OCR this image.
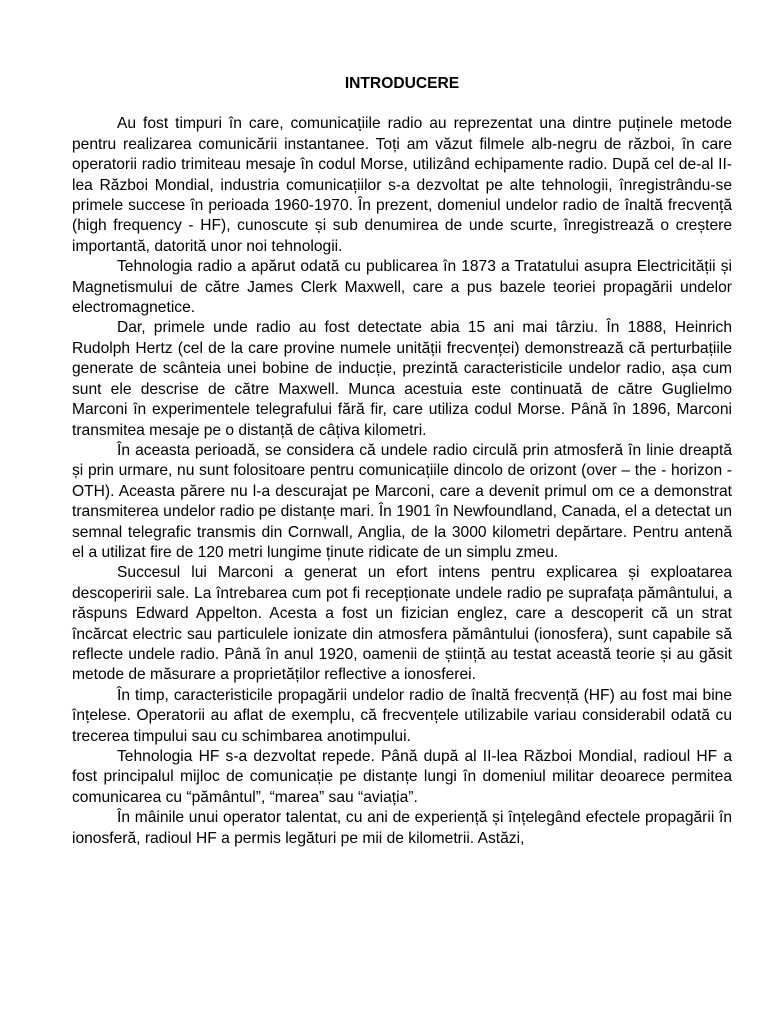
INTRODUCERE

Au fost timpuri în care, comunicațiile radio au reprezentat una dintre puținele metode pentru realizarea comunicării instantanee. Toți am văzut filmele alb-negru de război, în care operatorii radio trimiteau mesaje în codul Morse, utilizând echipamente radio. După cel de-al II-lea Război Mondial, industria comunicațiilor s-a dezvoltat pe alte tehnologii, înregistrându-se primele succese în perioada 1960-1970. În prezent, domeniul undelor radio de înaltă frecvență (high frequency - HF), cunoscute și sub denumirea de unde scurte, înregistrează o creștere importantă, datorită unor noi tehnologii.

Tehnologia radio a apărut odată cu publicarea în 1873 a Tratatului asupra Electricității și Magnetismului de către James Clerk Maxwell, care a pus bazele teoriei propagării undelor electromagnetice.

Dar, primele unde radio au fost detectate abia 15 ani mai târziu. În 1888, Heinrich Rudolph Hertz (cel de la care provine numele unității frecvenței) demonstrează că perturbațiile generate de scânteia unei bobine de inducție, prezintă caracteristicile undelor radio, așa cum sunt ele descrise de către Maxwell. Munca acestuia este continuată de către Guglielmo Marconi în experimentele telegrafului fără fir, care utiliza codul Morse. Până în 1896, Marconi transmitea mesaje pe o distanță de câțiva kilometri.

În aceasta perioadă, se considera că undele radio circulă prin atmosferă în linie dreaptă și prin urmare, nu sunt folositoare pentru comunicațiile dincolo de orizont (over – the - horizon - OTH). Aceasta părere nu l-a descurajat pe Marconi, care a devenit primul om ce a demonstrat transmiterea undelor radio pe distanțe mari. În 1901 în Newfoundland, Canada, el a detectat un semnal telegrafic transmis din Cornwall, Anglia, de la 3000 kilometri depărtare. Pentru antenă el a utilizat fire de 120 metri lungime ținute ridicate de un simplu zmeu.

Succesul lui Marconi a generat un efort intens pentru explicarea și exploatarea descoperirii sale. La întrebarea cum pot fi recepționate undele radio pe suprafața pământului, a răspuns Edward Appelton. Acesta a fost un fizician englez, care a descoperit că un strat încărcat electric sau particulele ionizate din atmosfera pământului (ionosfera), sunt capabile să reflecte undele radio. Până în anul 1920, oamenii de știință au testat această teorie și au găsit metode de măsurare a proprietăților reflective a ionosferei.

În timp, caracteristicile propagării undelor radio de înaltă frecvență (HF) au fost mai bine înțelese. Operatorii au aflat de exemplu, că frecvențele utilizabile variau considerabil odată cu trecerea timpului sau cu schimbarea anotimpului.

Tehnologia HF s-a dezvoltat repede. Până după al II-lea Război Mondial, radioul HF a fost principalul mijloc de comunicație pe distanțe lungi în domeniul militar deoarece permitea comunicarea cu “pământul”, “marea” sau “aviația”.

În mâinile unui operator talentat, cu ani de experiență și înțelegând efectele propagării în ionosferă, radioul HF a permis legături pe mii de kilometrii. Astăzi,
